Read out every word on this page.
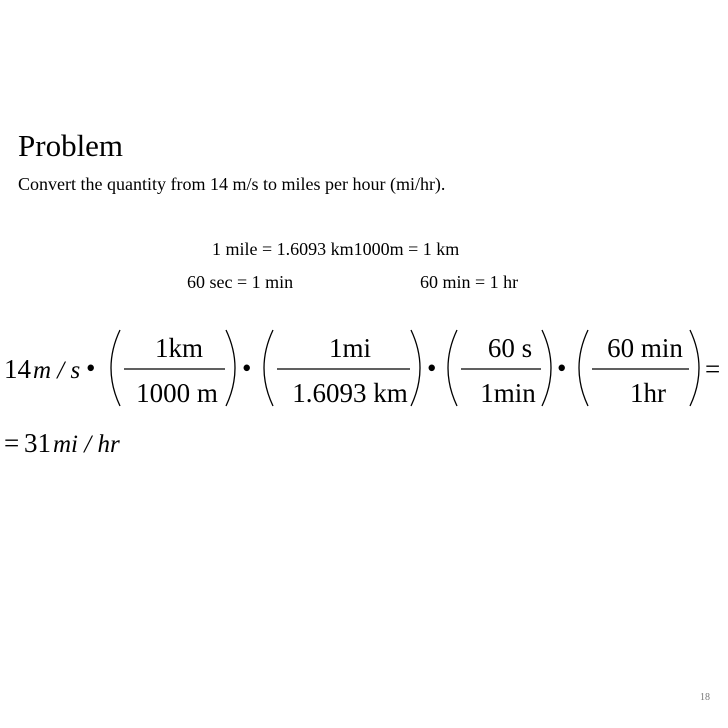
Problem
Convert the quantity from 14 m/s to miles per hour (mi/hr).
1 mile = 1.6093 km1000m = 1 km
60 sec = 1 min	60 min = 1 hr
14 m / s •
1km
1000 m
•
1mi
1.6093 km
•
60 s
1min
•
60 min
1hr
=
= 31 mi / hr
18
